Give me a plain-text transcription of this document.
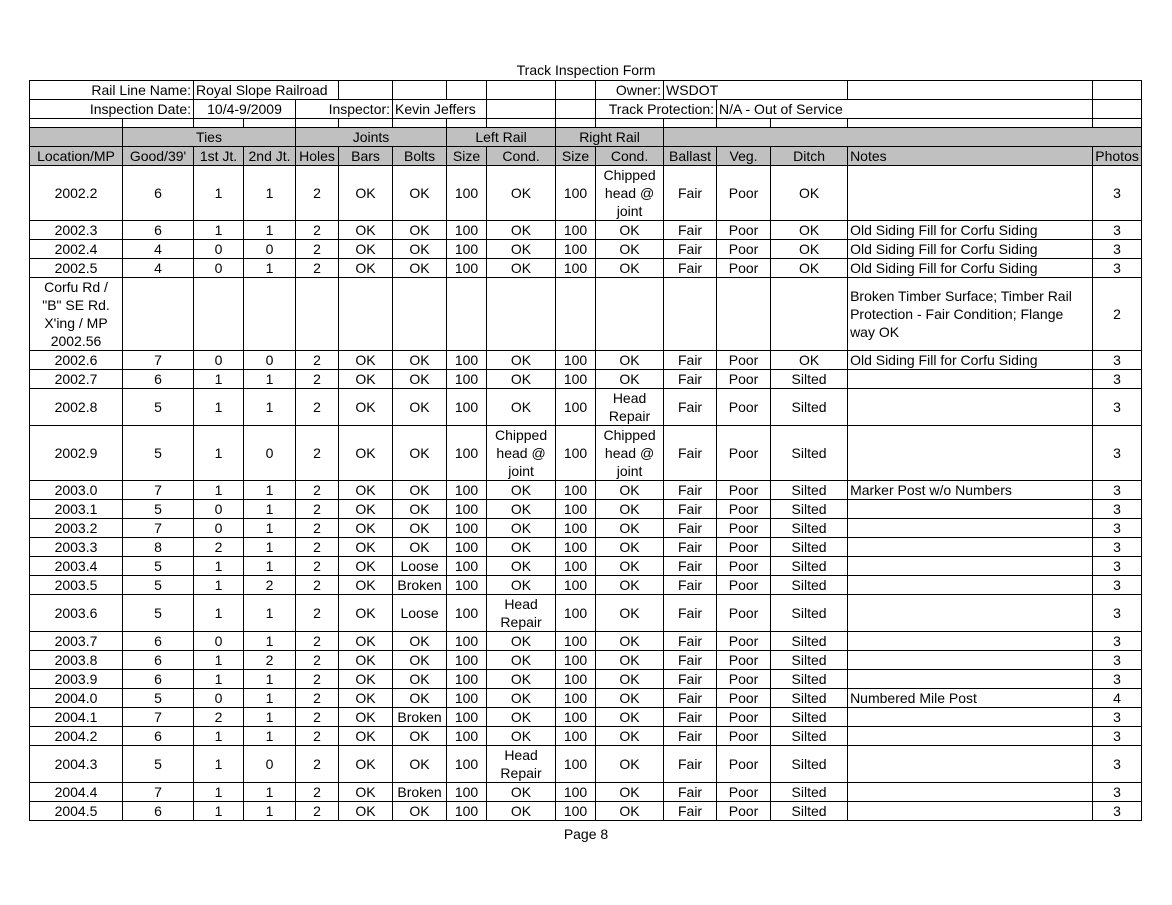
Track Inspection Form
Rail Line Name:		Royal Slope Railroad								Owner:	WSDOT				
Inspection Date:		10/4-9/2009		Inspector:		Kevin Jeffers				Track Protection:		N/A - Out of Service			

	Ties			Joints			Left Rail		Right Rail						
Location/MP	Good/39'	1st Jt.	2nd Jt.	Holes	Bars	Bolts	Size	Cond.	Size	Cond.	Ballast	Veg.	Ditch	Notes	Photos
2002.2	6	1	1	2	OK	OK	100	OK	100	Chipped
head @
joint	Fair	Poor	OK		3
2002.3	6	1	1	2	OK	OK	100	OK	100	OK	Fair	Poor	OK	Old Siding Fill for Corfu Siding	3
2002.4	4	0	0	2	OK	OK	100	OK	100	OK	Fair	Poor	OK	Old Siding Fill for Corfu Siding	3
2002.5	4	0	1	2	OK	OK	100	OK	100	OK	Fair	Poor	OK	Old Siding Fill for Corfu Siding	3
Corfu Rd /
"B" SE Rd.
X'ing / MP
2002.56														Broken Timber Surface; Timber Rail Protection - Fair Condition; Flange way OK	2
2002.6	7	0	0	2	OK	OK	100	OK	100	OK	Fair	Poor	OK	Old Siding Fill for Corfu Siding	3
2002.7	6	1	1	2	OK	OK	100	OK	100	OK	Fair	Poor	Silted		3
2002.8	5	1	1	2	OK	OK	100	OK	100	Head
Repair	Fair	Poor	Silted		3
2002.9	5	1	0	2	OK	OK	100	Chipped
head @
joint	100	Chipped
head @
joint	Fair	Poor	Silted		3
2003.0	7	1	1	2	OK	OK	100	OK	100	OK	Fair	Poor	Silted	Marker Post w/o Numbers	3
2003.1	5	0	1	2	OK	OK	100	OK	100	OK	Fair	Poor	Silted		3
2003.2	7	0	1	2	OK	OK	100	OK	100	OK	Fair	Poor	Silted		3
2003.3	8	2	1	2	OK	OK	100	OK	100	OK	Fair	Poor	Silted		3
2003.4	5	1	1	2	OK	Loose	100	OK	100	OK	Fair	Poor	Silted		3
2003.5	5	1	2	2	OK	Broken	100	OK	100	OK	Fair	Poor	Silted		3
2003.6	5	1	1	2	OK	Loose	100	Head
Repair	100	OK	Fair	Poor	Silted		3
2003.7	6	0	1	2	OK	OK	100	OK	100	OK	Fair	Poor	Silted		3
2003.8	6	1	2	2	OK	OK	100	OK	100	OK	Fair	Poor	Silted		3
2003.9	6	1	1	2	OK	OK	100	OK	100	OK	Fair	Poor	Silted		3
2004.0	5	0	1	2	OK	OK	100	OK	100	OK	Fair	Poor	Silted	Numbered Mile Post	4
2004.1	7	2	1	2	OK	Broken	100	OK	100	OK	Fair	Poor	Silted		3
2004.2	6	1	1	2	OK	OK	100	OK	100	OK	Fair	Poor	Silted		3
2004.3	5	1	0	2	OK	OK	100	Head
Repair	100	OK	Fair	Poor	Silted		3
2004.4	7	1	1	2	OK	Broken	100	OK	100	OK	Fair	Poor	Silted		3
2004.5	6	1	1	2	OK	OK	100	OK	100	OK	Fair	Poor	Silted		3
Page 8
